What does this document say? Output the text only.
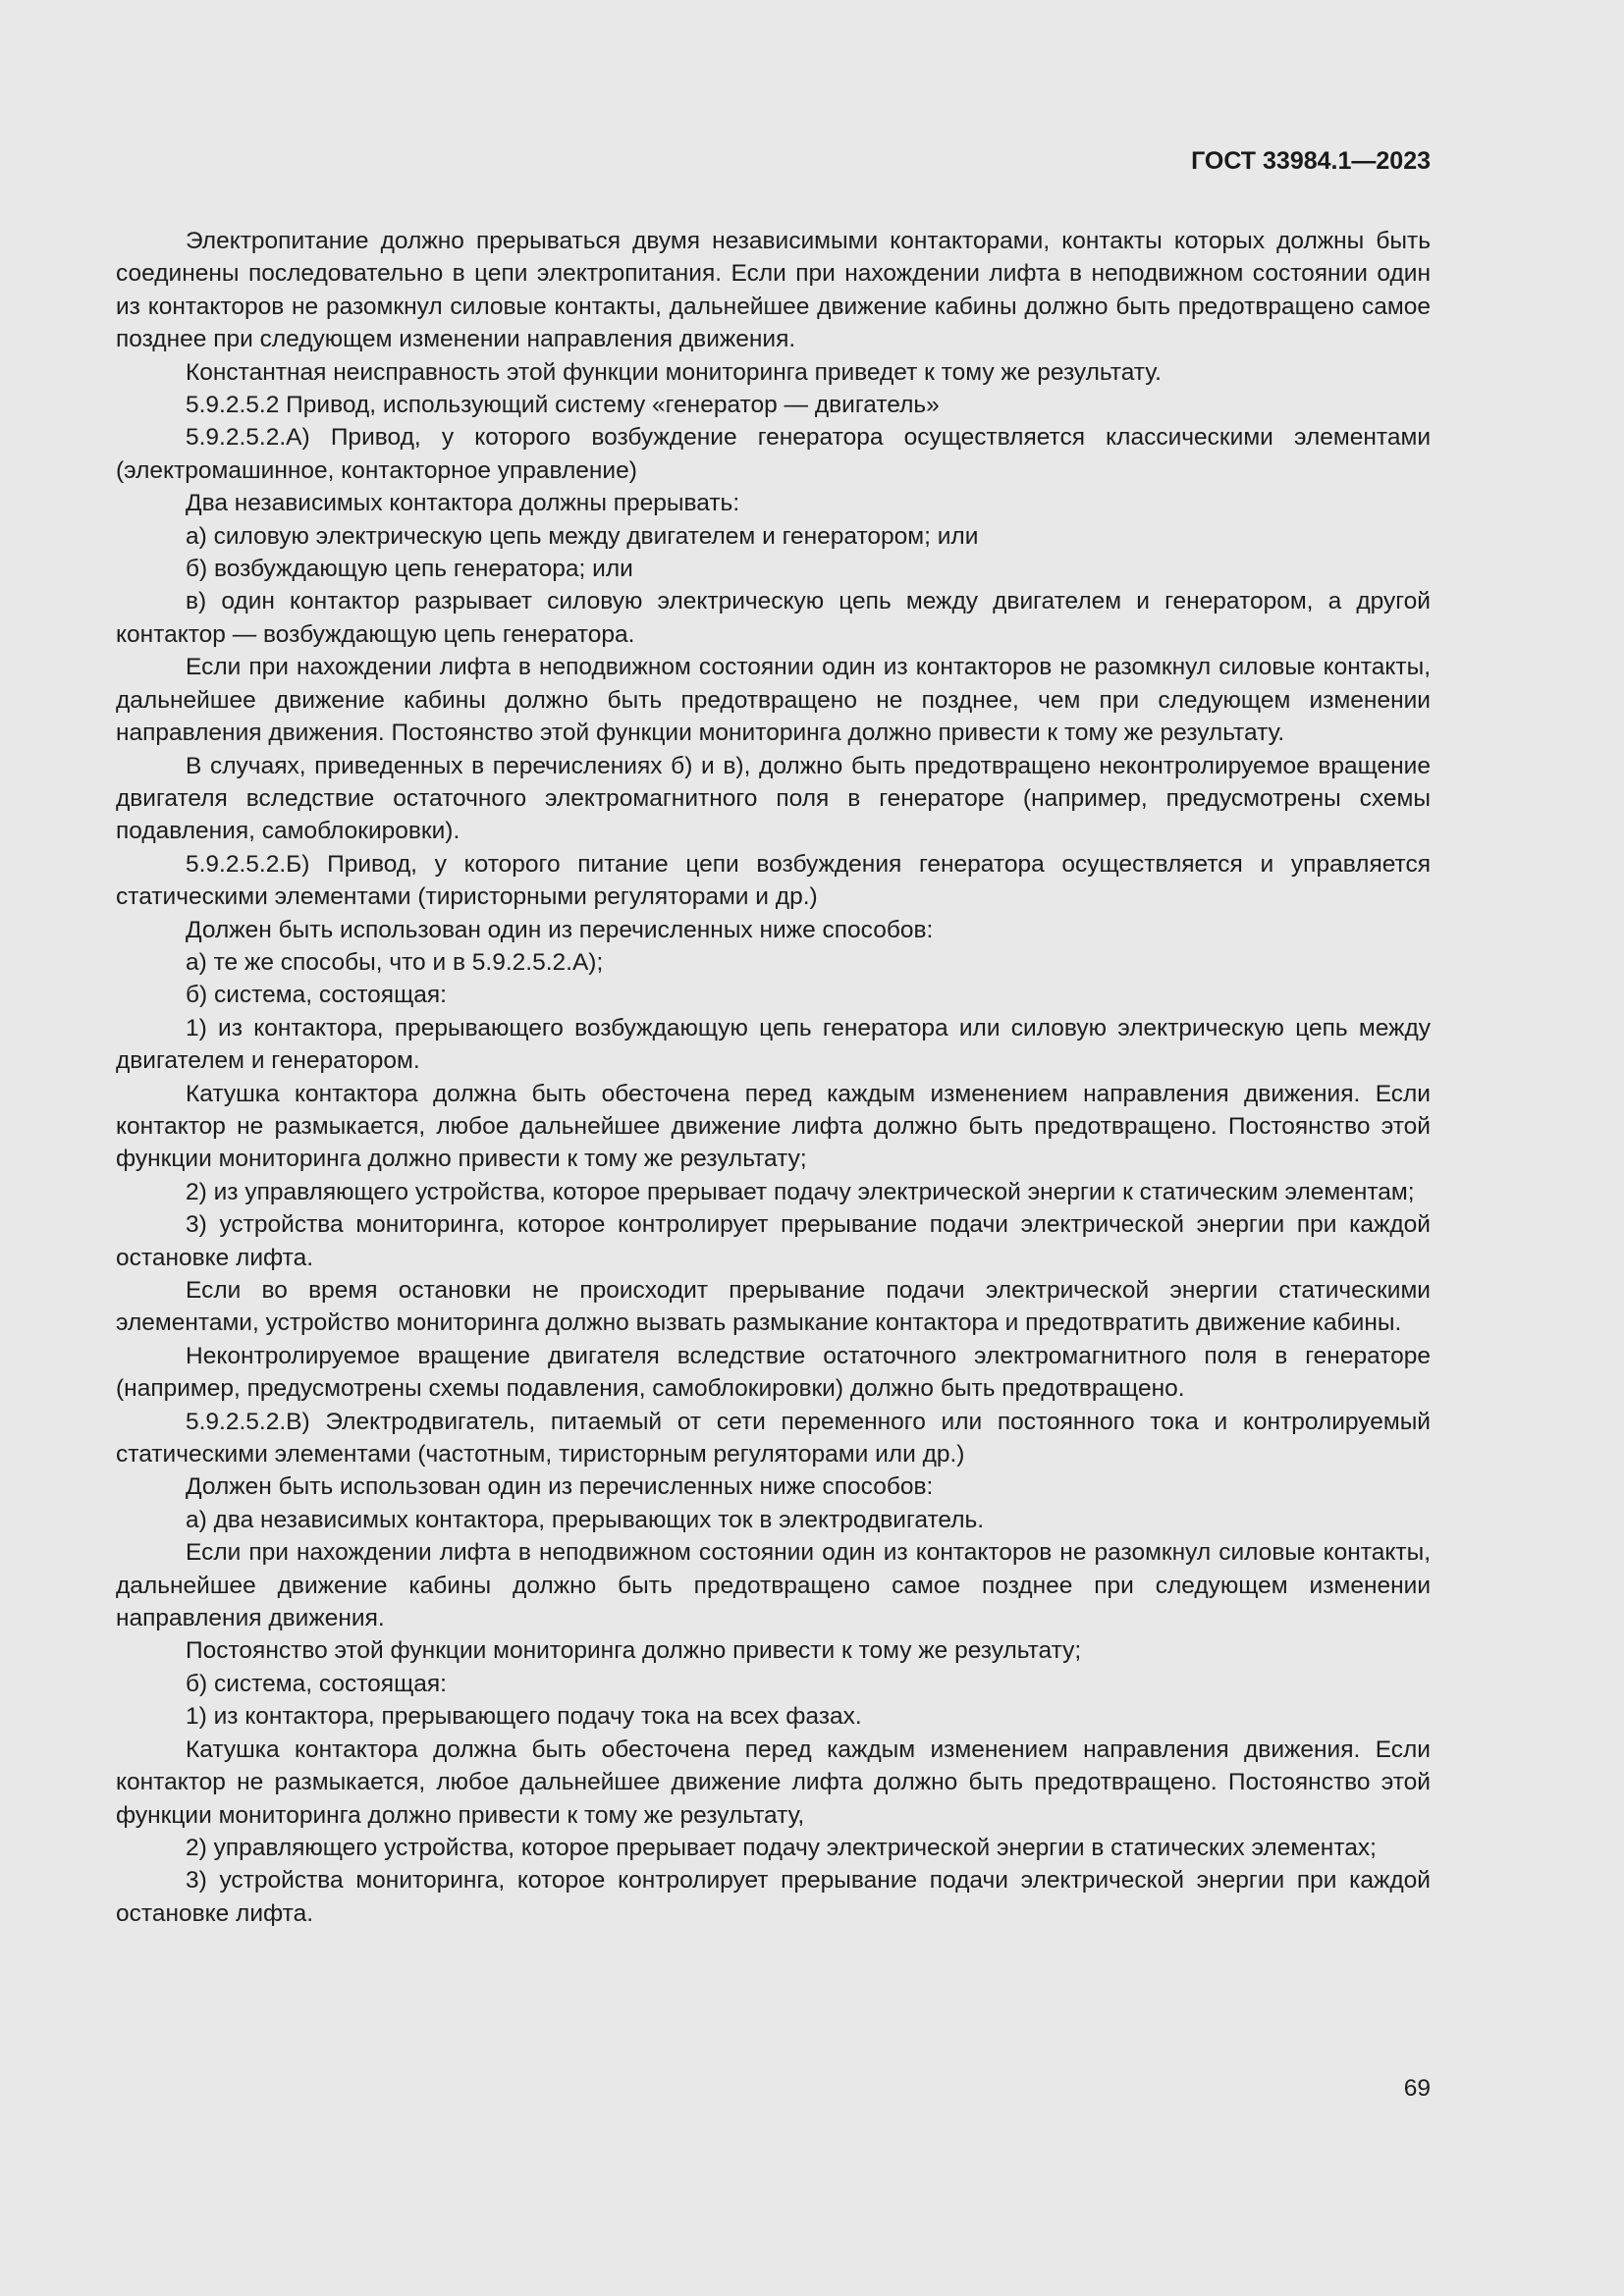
ГОСТ 33984.1—2023

Электропитание должно прерываться двумя независимыми контакторами, контакты которых должны быть соединены последовательно в цепи электропитания. Если при нахождении лифта в неподвижном состоянии один из контакторов не разомкнул силовые контакты, дальнейшее движение кабины должно быть предотвращено самое позднее при следующем изменении направления движения.

Константная неисправность этой функции мониторинга приведет к тому же результату.

5.9.2.5.2 Привод, использующий систему «генератор — двигатель»

5.9.2.5.2.А) Привод, у которого возбуждение генератора осуществляется классическими элементами (электромашинное, контакторное управление)

Два независимых контактора должны прерывать:

а) силовую электрическую цепь между двигателем и генератором; или

б) возбуждающую цепь генератора; или

в) один контактор разрывает силовую электрическую цепь между двигателем и генератором, а другой контактор — возбуждающую цепь генератора.

Если при нахождении лифта в неподвижном состоянии один из контакторов не разомкнул силовые контакты, дальнейшее движение кабины должно быть предотвращено не позднее, чем при следующем изменении направления движения. Постоянство этой функции мониторинга должно привести к тому же результату.

В случаях, приведенных в перечислениях б) и в), должно быть предотвращено неконтролируемое вращение двигателя вследствие остаточного электромагнитного поля в генераторе (например, предусмотрены схемы подавления, самоблокировки).

5.9.2.5.2.Б) Привод, у которого питание цепи возбуждения генератора осуществляется и управляется статическими элементами (тиристорными регуляторами и др.)

Должен быть использован один из перечисленных ниже способов:

а) те же способы, что и в 5.9.2.5.2.А);

б) система, состоящая:

1) из контактора, прерывающего возбуждающую цепь генератора или силовую электрическую цепь между двигателем и генератором.

Катушка контактора должна быть обесточена перед каждым изменением направления движения. Если контактор не размыкается, любое дальнейшее движение лифта должно быть предотвращено. Постоянство этой функции мониторинга должно привести к тому же результату;

2) из управляющего устройства, которое прерывает подачу электрической энергии к статическим элементам;

3) устройства мониторинга, которое контролирует прерывание подачи электрической энергии при каждой остановке лифта.

Если во время остановки не происходит прерывание подачи электрической энергии статическими элементами, устройство мониторинга должно вызвать размыкание контактора и предотвратить движение кабины.

Неконтролируемое вращение двигателя вследствие остаточного электромагнитного поля в генераторе (например, предусмотрены схемы подавления, самоблокировки) должно быть предотвращено.

5.9.2.5.2.В) Электродвигатель, питаемый от сети переменного или постоянного тока и контролируемый статическими элементами (частотным, тиристорным регуляторами или др.)

Должен быть использован один из перечисленных ниже способов:

а) два независимых контактора, прерывающих ток в электродвигатель.

Если при нахождении лифта в неподвижном состоянии один из контакторов не разомкнул силовые контакты, дальнейшее движение кабины должно быть предотвращено самое позднее при следующем изменении направления движения.

Постоянство этой функции мониторинга должно привести к тому же результату;

б) система, состоящая:

1) из контактора, прерывающего подачу тока на всех фазах.

Катушка контактора должна быть обесточена перед каждым изменением направления движения. Если контактор не размыкается, любое дальнейшее движение лифта должно быть предотвращено. Постоянство этой функции мониторинга должно привести к тому же результату,

2) управляющего устройства, которое прерывает подачу электрической энергии в статических элементах;

3) устройства мониторинга, которое контролирует прерывание подачи электрической энергии при каждой остановке лифта.

69
